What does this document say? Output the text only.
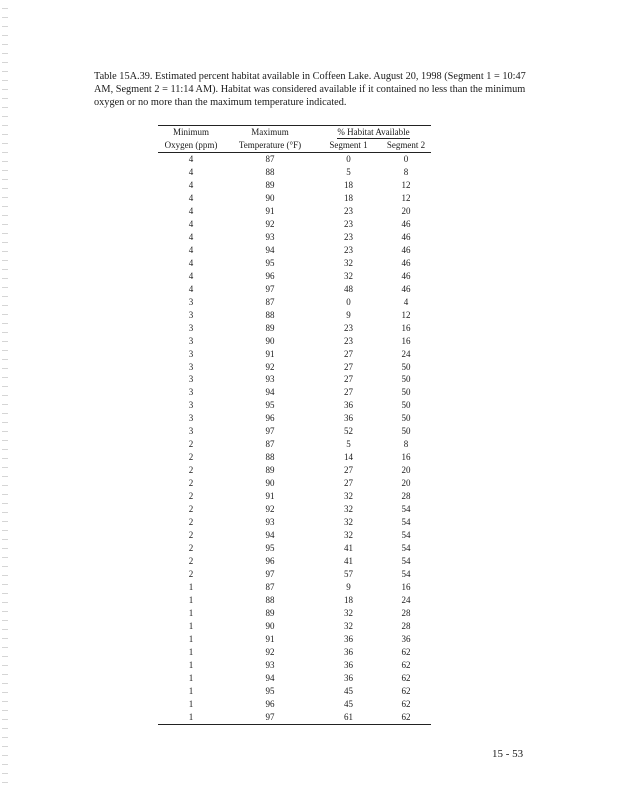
Table 15A.39. Estimated percent habitat available in Coffeen Lake. August 20, 1998 (Segment 1 = 10:47 AM, Segment 2 = 11:14 AM). Habitat was considered available if it contained no less than the minimum oxygen or no more than the maximum temperature indicated.

Minimum	Maximum	% Habitat Available
Oxygen (ppm)	Temperature (°F)	Segment 1	Segment 2
4	87	0	0
4	88	5	8
4	89	18	12
4	90	18	12
4	91	23	20
4	92	23	46
4	93	23	46
4	94	23	46
4	95	32	46
4	96	32	46
4	97	48	46
3	87	0	4
3	88	9	12
3	89	23	16
3	90	23	16
3	91	27	24
3	92	27	50
3	93	27	50
3	94	27	50
3	95	36	50
3	96	36	50
3	97	52	50
2	87	5	8
2	88	14	16
2	89	27	20
2	90	27	20
2	91	32	28
2	92	32	54
2	93	32	54
2	94	32	54
2	95	41	54
2	96	41	54
2	97	57	54
1	87	9	16
1	88	18	24
1	89	32	28
1	90	32	28
1	91	36	36
1	92	36	62
1	93	36	62
1	94	36	62
1	95	45	62
1	96	45	62
1	97	61	62
15 - 53
